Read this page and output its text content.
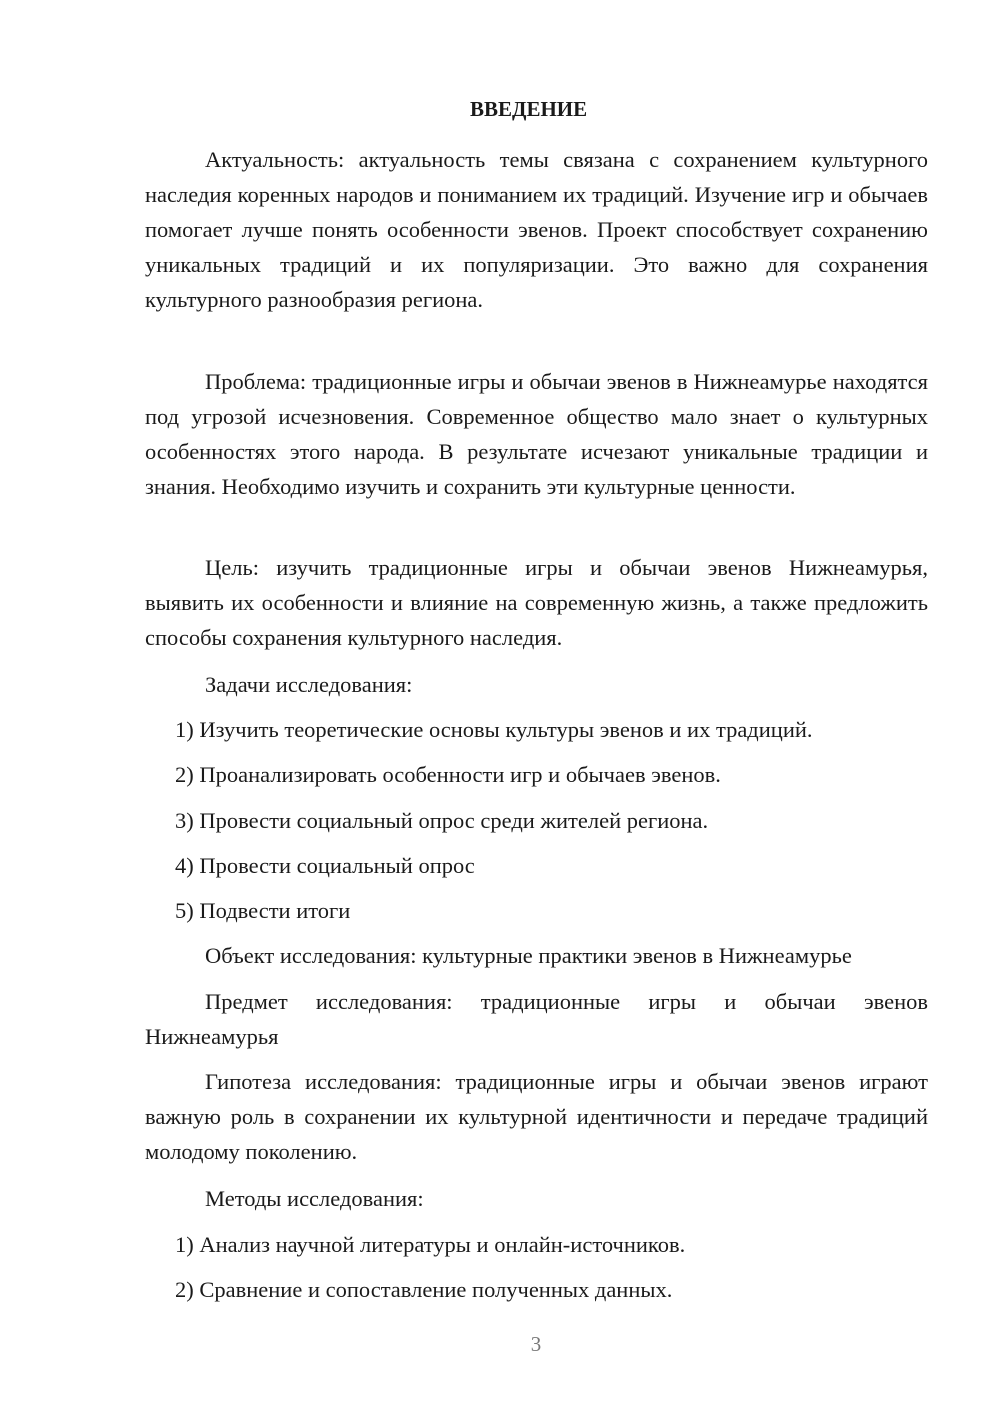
ВВЕДЕНИЕ

Актуальность: актуальность темы связана с сохранением культурного наследия коренных народов и пониманием их традиций. Изучение игр и обычаев помогает лучше понять особенности эвенов. Проект способствует сохранению уникальных традиций и их популяризации. Это важно для сохранения культурного разнообразия региона.

Проблема: традиционные игры и обычаи эвенов в Нижнеамурье находятся под угрозой исчезновения. Современное общество мало знает о культурных особенностях этого народа. В результате исчезают уникальные традиции и знания. Необходимо изучить и сохранить эти культурные ценности.

Цель: изучить традиционные игры и обычаи эвенов Нижнеамурья, выявить их особенности и влияние на современную жизнь, а также предложить способы сохранения культурного наследия.

Задачи исследования:

1) Изучить теоретические основы культуры эвенов и их традиций.

2) Проанализировать особенности игр и обычаев эвенов.

3) Провести социальный опрос среди жителей региона.

4) Провести социальный опрос

5) Подвести итоги

Объект исследования: культурные практики эвенов в Нижнеамурье

Предмет исследования: традиционные игры и обычаи эвенов Нижнеамурья

Гипотеза исследования: традиционные игры и обычаи эвенов играют важную роль в сохранении их культурной идентичности и передаче традиций молодому поколению.

Методы исследования:

1) Анализ научной литературы и онлайн-источников.

2) Сравнение и сопоставление полученных данных.

3
